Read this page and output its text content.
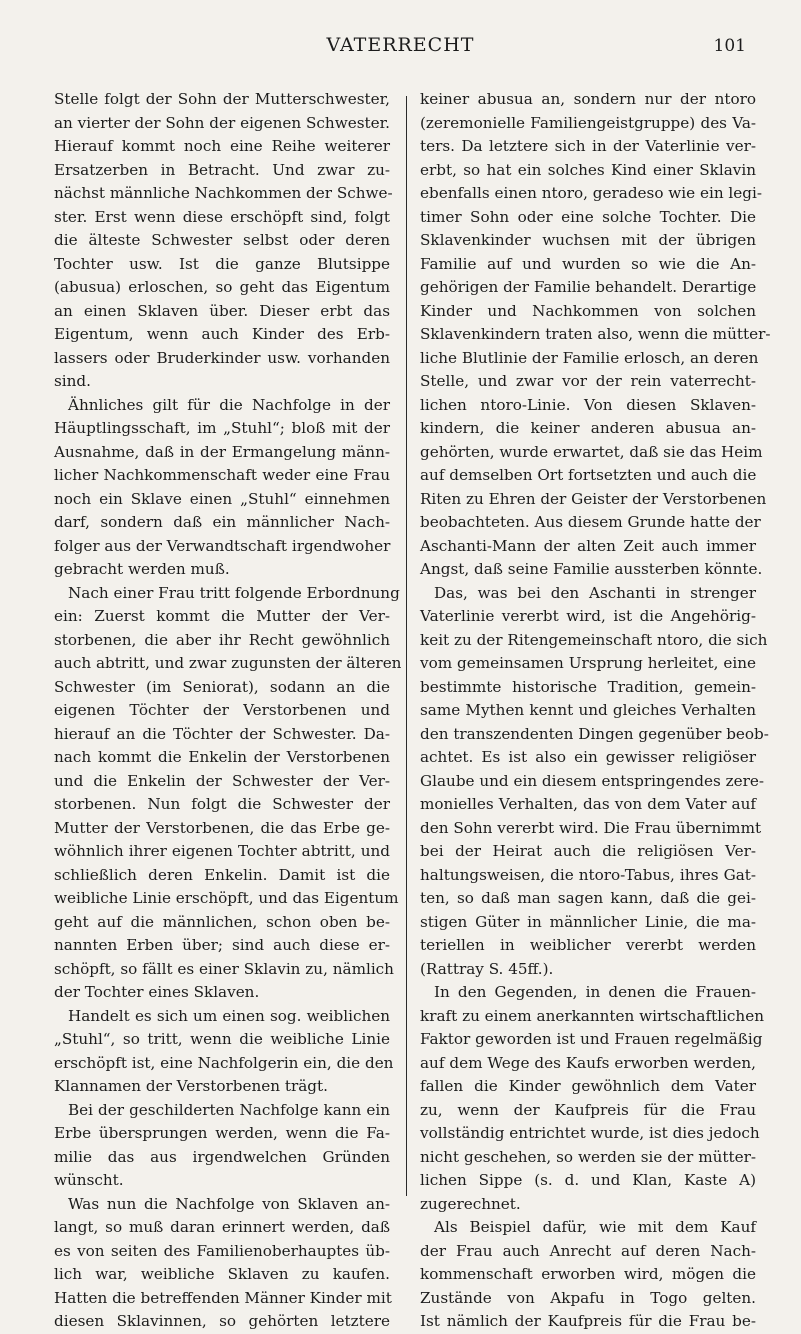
VATERRECHT	101
Stelle folgt der Sohn der Mutterschwester,
an vierter der Sohn der eigenen Schwester.
Hierauf kommt noch eine Reihe weiterer
Ersatzerben in Betracht. Und zwar zu-
nächst männliche Nachkommen der Schwe-
ster. Erst wenn diese erschöpft sind, folgt
die älteste Schwester selbst oder deren
Tochter usw. Ist die ganze Blutsippe
(abusua) erloschen, so geht das Eigentum
an einen Sklaven über. Dieser erbt das
Eigentum, wenn auch Kinder des Erb-
lassers oder Bruderkinder usw. vorhanden
sind.
Ähnliches gilt für die Nachfolge in der
Häuptlingsschaft, im „Stuhl“; bloß mit der
Ausnahme, daß in der Ermangelung männ-
licher Nachkommenschaft weder eine Frau
noch ein Sklave einen „Stuhl“ einnehmen
darf, sondern daß ein männlicher Nach-
folger aus der Verwandtschaft irgendwoher
gebracht werden muß.
Nach einer Frau tritt folgende Erbordnung
ein: Zuerst kommt die Mutter der Ver-
storbenen, die aber ihr Recht gewöhnlich
auch abtritt, und zwar zugunsten der älteren
Schwester (im Seniorat), sodann an die
eigenen Töchter der Verstorbenen und
hierauf an die Töchter der Schwester. Da-
nach kommt die Enkelin der Verstorbenen
und die Enkelin der Schwester der Ver-
storbenen. Nun folgt die Schwester der
Mutter der Verstorbenen, die das Erbe ge-
wöhnlich ihrer eigenen Tochter abtritt, und
schließlich deren Enkelin. Damit ist die
weibliche Linie erschöpft, und das Eigentum
geht auf die männlichen, schon oben be-
nannten Erben über; sind auch diese er-
schöpft, so fällt es einer Sklavin zu, nämlich
der Tochter eines Sklaven.
Handelt es sich um einen sog. weiblichen
„Stuhl“, so tritt, wenn die weibliche Linie
erschöpft ist, eine Nachfolgerin ein, die den
Klannamen der Verstorbenen trägt.
Bei der geschilderten Nachfolge kann ein
Erbe übersprungen werden, wenn die Fa-
milie das aus irgendwelchen Gründen
wünscht.
Was nun die Nachfolge von Sklaven an-
langt, so muß daran erinnert werden, daß
es von seiten des Familienoberhauptes üb-
lich war, weibliche Sklaven zu kaufen.
Hatten die betreffenden Männer Kinder mit
diesen Sklavinnen, so gehörten letztere
keiner abusua an, sondern nur der ntoro
(zeremonielle Familiengeistgruppe) des Va-
ters. Da letztere sich in der Vaterlinie ver-
erbt, so hat ein solches Kind einer Sklavin
ebenfalls einen ntoro, geradeso wie ein legi-
timer Sohn oder eine solche Tochter. Die
Sklavenkinder wuchsen mit der übrigen
Familie auf und wurden so wie die An-
gehörigen der Familie behandelt. Derartige
Kinder und Nachkommen von solchen
Sklavenkindern traten also, wenn die mütter-
liche Blutlinie der Familie erlosch, an deren
Stelle, und zwar vor der rein vaterrecht-
lichen ntoro-Linie. Von diesen Sklaven-
kindern, die keiner anderen abusua an-
gehörten, wurde erwartet, daß sie das Heim
auf demselben Ort fortsetzten und auch die
Riten zu Ehren der Geister der Verstorbenen
beobachteten. Aus diesem Grunde hatte der
Aschanti-Mann der alten Zeit auch immer
Angst, daß seine Familie aussterben könnte.
Das, was bei den Aschanti in strenger
Vaterlinie vererbt wird, ist die Angehörig-
keit zu der Ritengemeinschaft ntoro, die sich
vom gemeinsamen Ursprung herleitet, eine
bestimmte historische Tradition, gemein-
same Mythen kennt und gleiches Verhalten
den transzendenten Dingen gegenüber beob-
achtet. Es ist also ein gewisser religiöser
Glaube und ein diesem entspringendes zere-
monielles Verhalten, das von dem Vater auf
den Sohn vererbt wird. Die Frau übernimmt
bei der Heirat auch die religiösen Ver-
haltungsweisen, die ntoro-Tabus, ihres Gat-
ten, so daß man sagen kann, daß die gei-
stigen Güter in männlicher Linie, die ma-
teriellen in weiblicher vererbt werden
(Rattray S. 45ff.).
In den Gegenden, in denen die Frauen-
kraft zu einem anerkannten wirtschaftlichen
Faktor geworden ist und Frauen regelmäßig
auf dem Wege des Kaufs erworben werden,
fallen die Kinder gewöhnlich dem Vater
zu, wenn der Kaufpreis für die Frau
vollständig entrichtet wurde, ist dies jedoch
nicht geschehen, so werden sie der mütter-
lichen Sippe (s. d. und Klan, Kaste A)
zugerechnet.
Als Beispiel dafür, wie mit dem Kauf
der Frau auch Anrecht auf deren Nach-
kommenschaft erworben wird, mögen die
Zustände von Akpafu in Togo gelten.
Ist nämlich der Kaufpreis für die Frau be-
